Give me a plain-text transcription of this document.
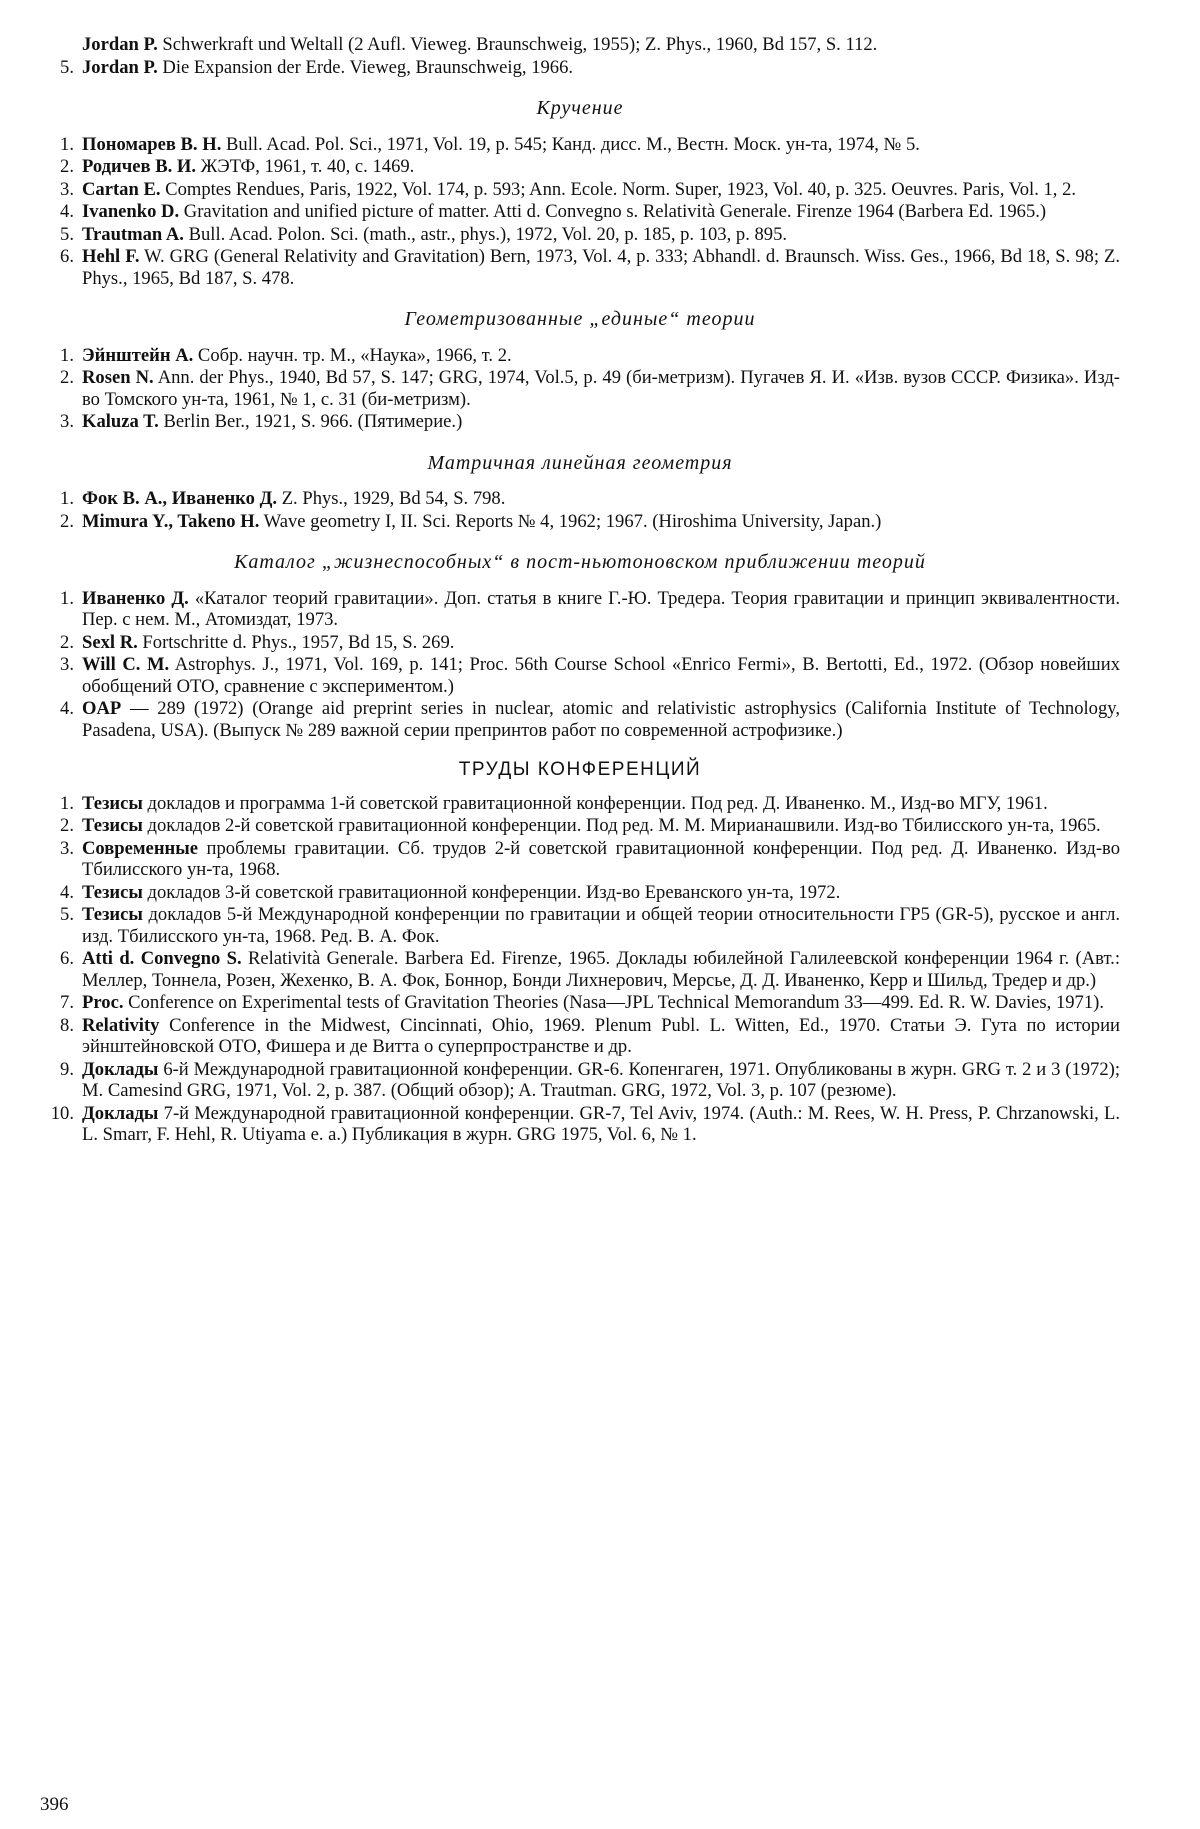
Jordan P. Schwerkraft und Weltall (2 Aufl. Vieweg. Braunschweig, 1955); Z. Phys., 1960, Bd 157, S. 112.
5. Jordan P. Die Expansion der Erde. Vieweg, Braunschweig, 1966.
Кручение
1. Пономарев В. Н. Bull. Acad. Pol. Sci., 1971, Vol. 19, p. 545; Канд. дисс. М., Вестн. Моск. ун-та, 1974, № 5.
2. Родичев В. И. ЖЭТФ, 1961, т. 40, с. 1469.
3. Cartan E. Comptes Rendues, Paris, 1922, Vol. 174, p. 593; Ann. Ecole. Norm. Super, 1923, Vol. 40, p. 325. Oeuvres. Paris, Vol. 1, 2.
4. Ivanenko D. Gravitation and unified picture of matter. Atti d. Convegno s. Relatività Generale. Firenze 1964 (Barbera Ed. 1965.)
5. Trautman A. Bull. Acad. Polon. Sci. (math., astr., phys.), 1972, Vol. 20, p. 185, p. 103, p. 895.
6. Hehl F. W. GRG (General Relativity and Gravitation) Bern, 1973, Vol. 4, p. 333; Abhandl. d. Braunsch. Wiss. Ges., 1966, Bd 18, S. 98; Z. Phys., 1965, Bd 187, S. 478.
Геометризованные „единые“ теории
1. Эйнштейн А. Собр. научн. тр. М., «Наука», 1966, т. 2.
2. Rosen N. Ann. der Phys., 1940, Bd 57, S. 147; GRG, 1974, Vol.5, p. 49 (би-метризм). Пугачев Я. И. «Изв. вузов СССР. Физика». Изд-во Томского ун-та, 1961, № 1, с. 31 (би-метризм).
3. Kaluza T. Berlin Ber., 1921, S. 966. (Пятимерие.)
Матричная линейная геометрия
1. Фок В. А., Иваненко Д. Z. Phys., 1929, Bd 54, S. 798.
2. Mimura Y., Takeno H. Wave geometry I, II. Sci. Reports № 4, 1962; 1967. (Hiroshima University, Japan.)
Каталог „жизнеспособных“ в пост-ньютоновском приближении теорий
1. Иваненко Д. «Каталог теорий гравитации». Доп. статья в книге Г.-Ю. Тредера. Теория гравитации и принцип эквивалентности. Пер. с нем. М., Атомиздат, 1973.
2. Sexl R. Fortschritte d. Phys., 1957, Bd 15, S. 269.
3. Will C. M. Astrophys. J., 1971, Vol. 169, p. 141; Proc. 56th Course School «Enrico Fermi», B. Bertotti, Ed., 1972. (Обзор новейших обобщений ОТО, сравнение с экспериментом.)
4. OAP — 289 (1972) (Orange aid preprint series in nuclear, atomic and relativistic astrophysics (California Institute of Technology, Pasadena, USA). (Выпуск № 289 важной серии препринтов работ по современной астрофизике.)
ТРУДЫ КОНФЕРЕНЦИЙ
1. Тезисы докладов и программа 1-й советской гравитационной конференции. Под ред. Д. Иваненко. М., Изд-во МГУ, 1961.
2. Тезисы докладов 2-й советской гравитационной конференции. Под ред. М. М. Мирианашвили. Изд-во Тбилисского ун-та, 1965.
3. Современные проблемы гравитации. Сб. трудов 2-й советской гравитационной конференции. Под ред. Д. Иваненко. Изд-во Тбилисского ун-та, 1968.
4. Тезисы докладов 3-й советской гравитационной конференции. Изд-во Ереванского ун-та, 1972.
5. Тезисы докладов 5-й Международной конференции по гравитации и общей теории относительности ГР5 (GR-5), русское и англ. изд. Тбилисского ун-та, 1968. Ред. В. А. Фок.
6. Atti d. Convegno S. Relatività Generale. Barbera Ed. Firenze, 1965. Доклады юбилейной Галилеевской конференции 1964 г. (Авт.: Меллер, Тоннела, Розен, Жехенко, В. А. Фок, Боннор, Бонди Лихнерович, Мерсье, Д. Д. Иваненко, Керр и Шильд, Тредер и др.)
7. Proc. Conference on Experimental tests of Gravitation Theories (Nasa—JPL Technical Memorandum 33—499. Ed. R. W. Davies, 1971).
8. Relativity Conference in the Midwest, Cincinnati, Ohio, 1969. Plenum Publ. L. Witten, Ed., 1970. Статьи Э. Гута по истории эйнштейновской ОТО, Фишера и де Витта о суперпространстве и др.
9. Доклады 6-й Международной гравитационной конференции. GR-6. Копенгаген, 1971. Опубликованы в журн. GRG т. 2 и 3 (1972); M. Camesind GRG, 1971, Vol. 2, p. 387. (Общий обзор); A. Trautman. GRG, 1972, Vol. 3, p. 107 (резюме).
10. Доклады 7-й Международной гравитационной конференции. GR-7, Tel Aviv, 1974. (Auth.: M. Rees, W. H. Press, P. Chrzanowski, L. L. Smarr, F. Hehl, R. Utiyama e. a.) Публикация в журн. GRG 1975, Vol. 6, № 1.
396
